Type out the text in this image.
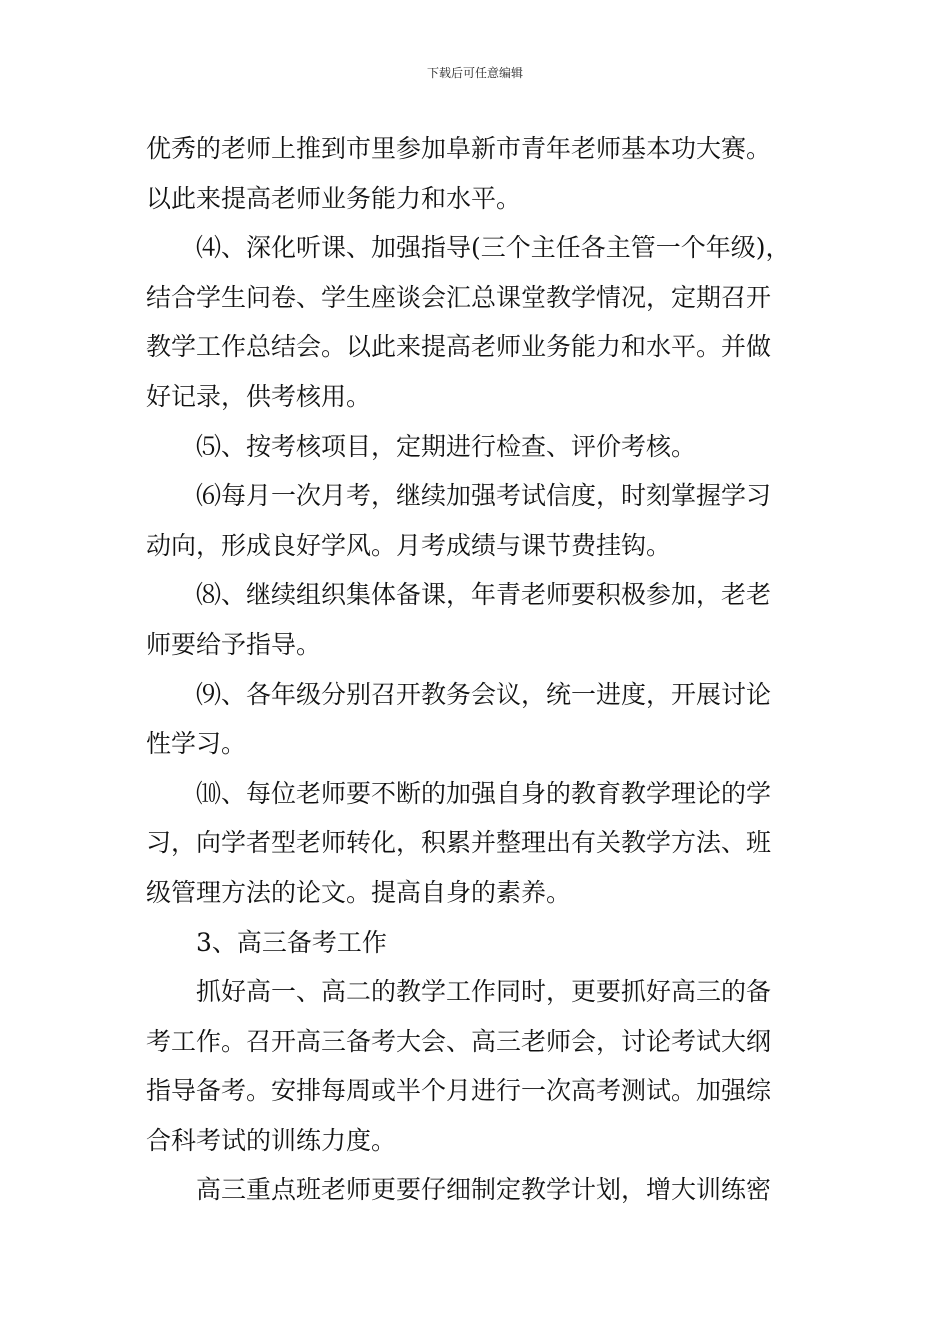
下载后可任意编辑
优秀的老师上推到市里参加阜新市青年老师基本功大赛。
以此来提高老师业务能力和水平。
⑷、深化听课、加强指导(三个主任各主管一个年级)，
结合学生问卷、学生座谈会汇总课堂教学情况，定期召开
教学工作总结会。以此来提高老师业务能力和水平。并做
好记录，供考核用。
⑸、按考核项目，定期进行检查、评价考核。
⑹每月一次月考，继续加强考试信度，时刻掌握学习
动向，形成良好学风。月考成绩与课节费挂钩。
⑻、继续组织集体备课，年青老师要积极参加，老老
师要给予指导。
⑼、各年级分别召开教务会议，统一进度，开展讨论
性学习。
⑽、每位老师要不断的加强自身的教育教学理论的学
习，向学者型老师转化，积累并整理出有关教学方法、班
级管理方法的论文。提高自身的素养。
3、高三备考工作
抓好高一、高二的教学工作同时，更要抓好高三的备
考工作。召开高三备考大会、高三老师会，讨论考试大纲
指导备考。安排每周或半个月进行一次高考测试。加强综
合科考试的训练力度。
高三重点班老师更要仔细制定教学计划，增大训练密
